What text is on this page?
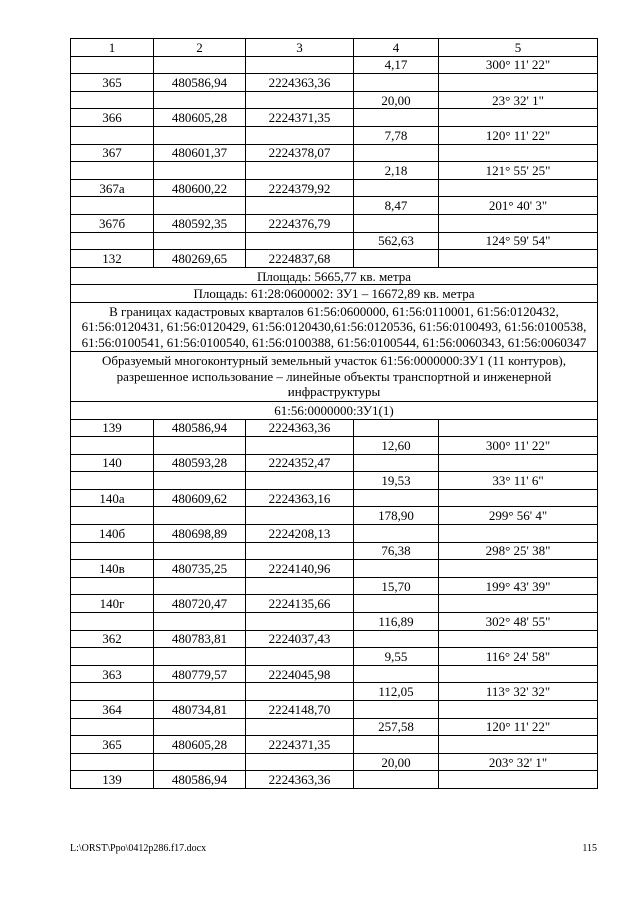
1	2	3	4	5
			4,17	300° 11' 22"
365	480586,94	2224363,36		
			20,00	23° 32' 1"
366	480605,28	2224371,35		
			7,78	120° 11' 22"
367	480601,37	2224378,07		
			2,18	121° 55' 25"
367а	480600,22	2224379,92		
			8,47	201° 40' 3"
367б	480592,35	2224376,79		
			562,63	124° 59' 54"
132	480269,65	2224837,68		
Площадь: 5665,77 кв. метра				
Площадь: 61:28:0600002: ЗУ1 – 16672,89 кв. метра				
В границах кадастровых кварталов 61:56:0600000, 61:56:0110001, 61:56:0120432, 61:56:0120431, 61:56:0120429, 61:56:0120430,61:56:0120536, 61:56:0100493, 61:56:0100538, 61:56:0100541, 61:56:0100540, 61:56:0100388, 61:56:0100544, 61:56:0060343, 61:56:0060347				
Образуемый многоконтурный земельный участок 61:56:0000000:ЗУ1 (11 контуров), разрешенное использование – линейные объекты транспортной и инженерной инфраструктуры				
61:56:0000000:ЗУ1(1)				
139	480586,94	2224363,36		
			12,60	300° 11' 22"
140	480593,28	2224352,47		
			19,53	33° 11' 6"
140а	480609,62	2224363,16		
			178,90	299° 56' 4"
140б	480698,89	2224208,13		
			76,38	298° 25' 38"
140в	480735,25	2224140,96		
			15,70	199° 43' 39"
140г	480720,47	2224135,66		
			116,89	302° 48' 55"
362	480783,81	2224037,43		
			9,55	116° 24' 58"
363	480779,57	2224045,98		
			112,05	113° 32' 32"
364	480734,81	2224148,70		
			257,58	120° 11' 22"
365	480605,28	2224371,35		
			20,00	203° 32' 1"
139	480586,94	2224363,36		
L:\ORST\Ppo\0412p286.f17.docx	115
